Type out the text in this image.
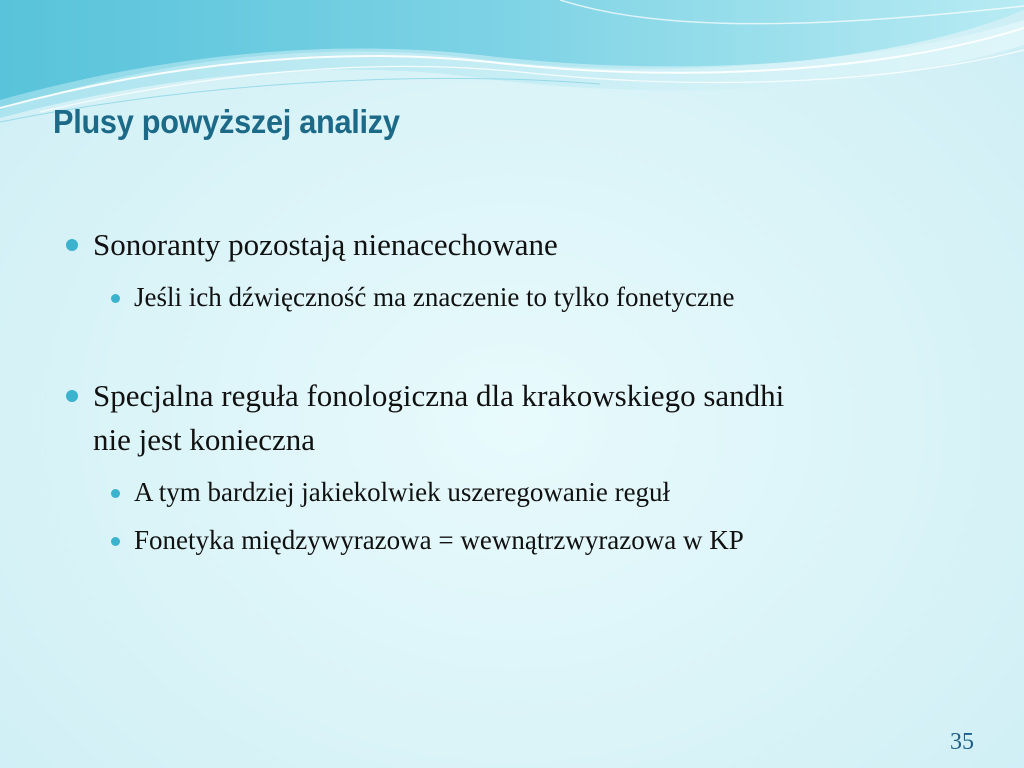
Plusy powyższej analizy
Sonoranty pozostają nienacechowane
Jeśli ich dźwięczność ma znaczenie to tylko fonetyczne
Specjalna reguła fonologiczna dla krakowskiego sandhi
nie jest konieczna
A tym bardziej jakiekolwiek uszeregowanie reguł
Fonetyka międzywyrazowa = wewnątrzwyrazowa w KP
35
